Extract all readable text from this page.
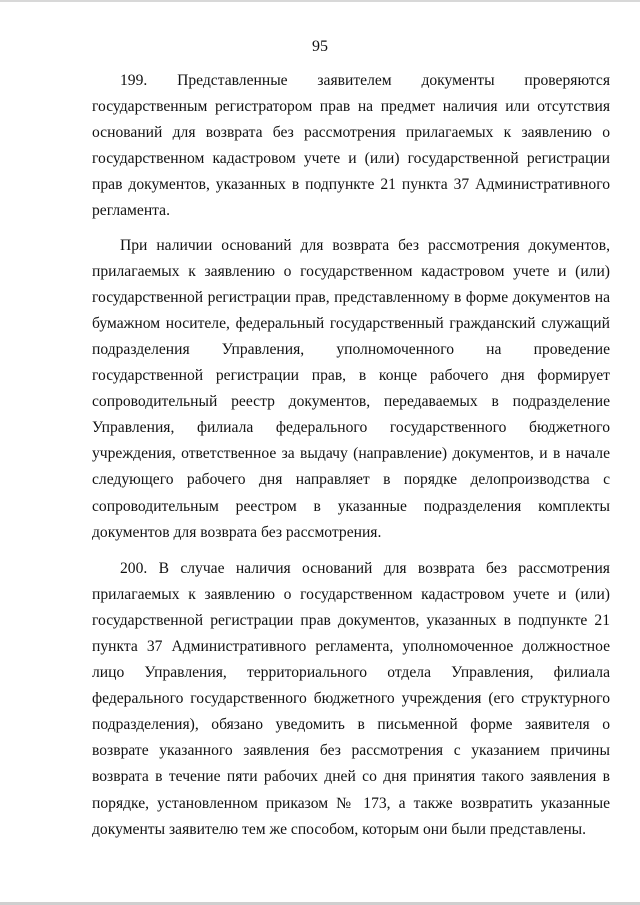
95

199. Представленные заявителем документы проверяются государственным регистратором прав на предмет наличия или отсутствия оснований для возврата без рассмотрения прилагаемых к заявлению о государственном кадастровом учете и (или) государственной регистрации прав документов, указанных в подпункте 21 пункта 37 Административного регламента.

При наличии оснований для возврата без рассмотрения документов, прилагаемых к заявлению о государственном кадастровом учете и (или) государственной регистрации прав, представленному в форме документов на бумажном носителе, федеральный государственный гражданский служащий подразделения Управления, уполномоченного на проведение государственной регистрации прав, в конце рабочего дня формирует сопроводительный реестр документов, передаваемых в подразделение Управления, филиала федерального государственного бюджетного учреждения, ответственное за выдачу (направление) документов, и в начале следующего рабочего дня направляет в порядке делопроизводства с сопроводительным реестром в указанные подразделения комплекты документов для возврата без рассмотрения.

200. В случае наличия оснований для возврата без рассмотрения прилагаемых к заявлению о государственном кадастровом учете и (или) государственной регистрации прав документов, указанных в подпункте 21 пункта 37 Административного регламента, уполномоченное должностное лицо Управления, территориального отдела Управления, филиала федерального государственного бюджетного учреждения (его структурного подразделения), обязано уведомить в письменной форме заявителя о возврате указанного заявления без рассмотрения с указанием причины возврата в течение пяти рабочих дней со дня принятия такого заявления в порядке, установленном приказом № 173, а также возвратить указанные документы заявителю тем же способом, которым они были представлены.
